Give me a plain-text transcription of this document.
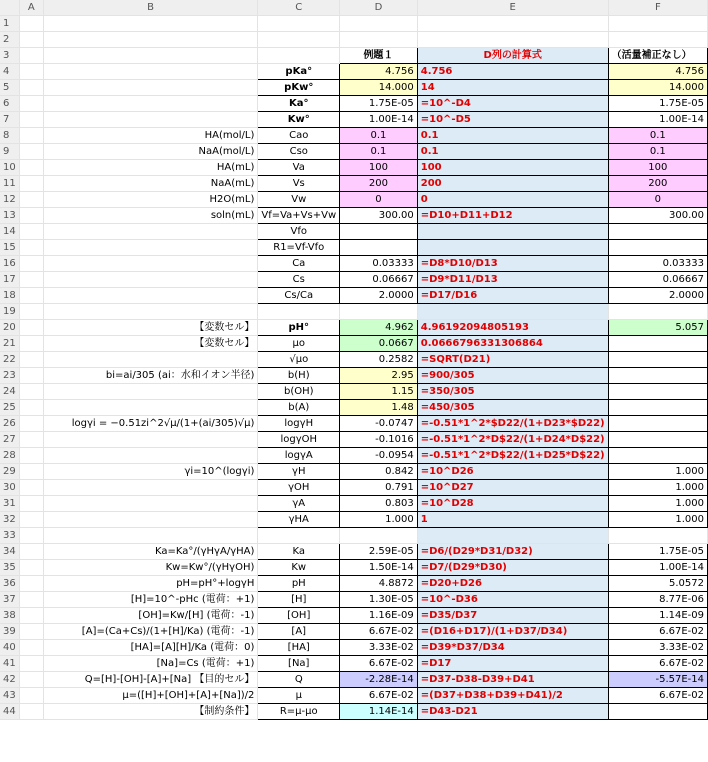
	A	B	C	D	E	F
1						
2						
3				例題１	D列の計算式	（活量補正なし）
4			pKa°	4.756	4.756	4.756
5			pKw°	14.000	14	14.000
6			Ka°	1.75E-05	=10^-D4	1.75E-05
7			Kw°	1.00E-14	=10^-D5	1.00E-14
8		HA(mol/L)	Cao	0.1	0.1	0.1
9		NaA(mol/L)	Cso	0.1	0.1	0.1
10		HA(mL)	Va	100	100	100
11		NaA(mL)	Vs	200	200	200
12		H2O(mL)	Vw	0	0	0
13		soln(mL)	Vf=Va+Vs+Vw	300.00	=D10+D11+D12	300.00
14			Vfo			
15			R1=Vf-Vfo			
16			Ca	0.03333	=D8*D10/D13	0.03333
17			Cs	0.06667	=D9*D11/D13	0.06667
18			Cs/Ca	2.0000	=D17/D16	2.0000
19						
20		【変数セル】	pH°	4.962	4.96192094805193	5.057
21		【変数セル】	μo	0.0667	0.0666796331306864	
22			√μo	0.2582	=SQRT(D21)	
23		bi=ai/305 (ai：水和イオン半径)	b(H)	2.95	=900/305	
24			b(OH)	1.15	=350/305	
25			b(A)	1.48	=450/305	
26		logγi = −0.51zi^2√μ/(1+(ai/305)√μ)	logγH	-0.0747	=-0.51*1^2*$D22/(1+D23*$D22)	
27			logγOH	-0.1016	=-0.51*1^2*D$22/(1+D24*D$22)	
28			logγA	-0.0954	=-0.51*1^2*D$22/(1+D25*D$22)	
29		γi=10^(logγi)	γH	0.842	=10^D26	1.000
30			γOH	0.791	=10^D27	1.000
31			γA	0.803	=10^D28	1.000
32			γHA	1.000	1	1.000
33						
34		Ka=Ka°/(γHγA/γHA)	Ka	2.59E-05	=D6/(D29*D31/D32)	1.75E-05
35		Kw=Kw°/(γHγOH)	Kw	1.50E-14	=D7/(D29*D30)	1.00E-14
36		pH=pH°+logγH	pH	4.8872	=D20+D26	5.0572
37		[H]=10^-pHc (電荷：+1)	[H]	1.30E-05	=10^-D36	8.77E-06
38		[OH]=Kw/[H] (電荷：-1)	[OH]	1.16E-09	=D35/D37	1.14E-09
39		[A]=(Ca+Cs)/(1+[H]/Ka) (電荷：-1)	[A]	6.67E-02	=(D16+D17)/(1+D37/D34)	6.67E-02
40		[HA]=[A][H]/Ka (電荷：0)	[HA]	3.33E-02	=D39*D37/D34	3.33E-02
41		[Na]=Cs (電荷：+1)	[Na]	6.67E-02	=D17	6.67E-02
42		Q=[H]-[OH]-[A]+[Na] 【目的セル】	Q	-2.28E-14	=D37-D38-D39+D41	-5.57E-14
43		μ=([H]+[OH]+[A]+[Na])/2	μ	6.67E-02	=(D37+D38+D39+D41)/2	6.67E-02
44		【制約条件】	R=μ-μo	1.14E-14	=D43-D21	
